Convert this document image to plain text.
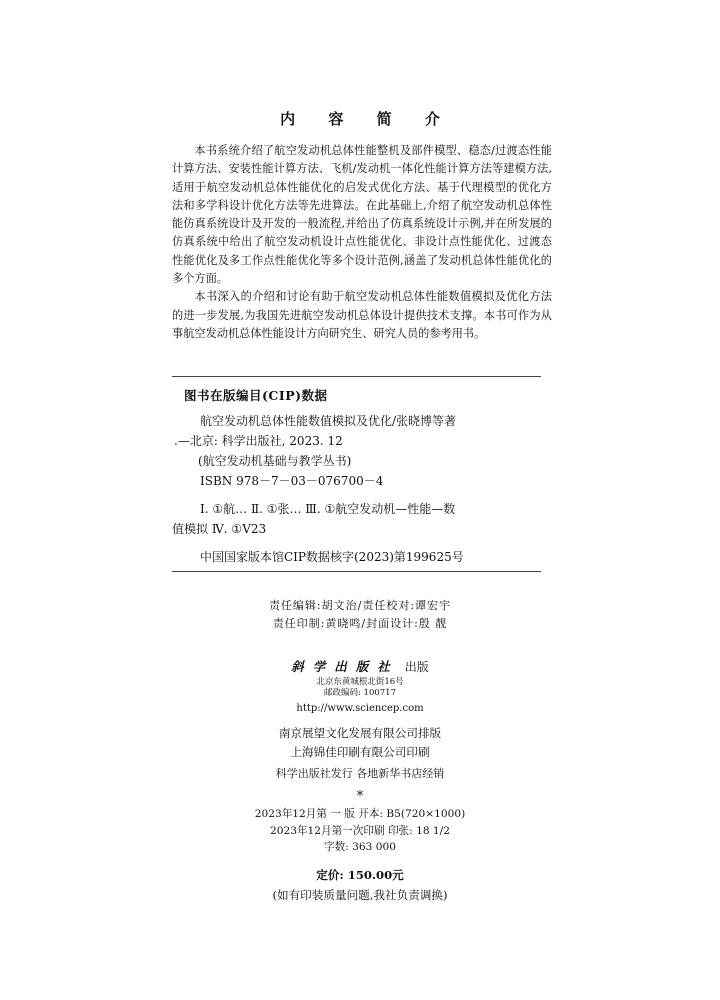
内 容 简 介

本书系统介绍了航空发动机总体性能整机及部件模型、稳态/过渡态性能计算方法、安装性能计算方法、飞机/发动机一体化性能计算方法等建模方法,适用于航空发动机总体性能优化的启发式优化方法、基于代理模型的优化方法和多学科设计优化方法等先进算法。在此基础上,介绍了航空发动机总体性能仿真系统设计及开发的一般流程,并给出了仿真系统设计示例,并在所发展的仿真系统中给出了航空发动机设计点性能优化、非设计点性能优化、过渡态性能优化及多工作点性能优化等多个设计范例,涵盖了发动机总体性能优化的多个方面。

本书深入的介绍和讨论有助于航空发动机总体性能数值模拟及优化方法的进一步发展,为我国先进航空发动机总体设计提供技术支撑。本书可作为从事航空发动机总体性能设计方向研究生、研究人员的参考用书。

图书在版编目(CIP)数据
航空发动机总体性能数值模拟及优化/张晓博等著
.—北京: 科学出版社, 2023. 12
(航空发动机基础与教学丛书)
ISBN 978－7－03－076700－4
Ⅰ. ①航… Ⅱ. ①张… Ⅲ. ①航空发动机—性能—数
值模拟 Ⅳ. ①V23
中国国家版本馆CIP数据核字(2023)第199625号
责任编辑:胡文治/责任校对:谭宏宇
责任印制:黄晓鸣/封面设计:殷 靓
斜学出版社 出版
北京东黄城根北街16号
邮政编码: 100717
http://www.sciencep.com
南京展望文化发展有限公司排版
上海锦佳印刷有限公司印刷
科学出版社发行 各地新华书店经销
*
2023年12月第 一 版 开本: B5(720×1000)
2023年12月第一次印刷 印张: 18 1/2
字数: 363 000
定价: 150.00元
(如有印装质量问题,我社负责调换)
